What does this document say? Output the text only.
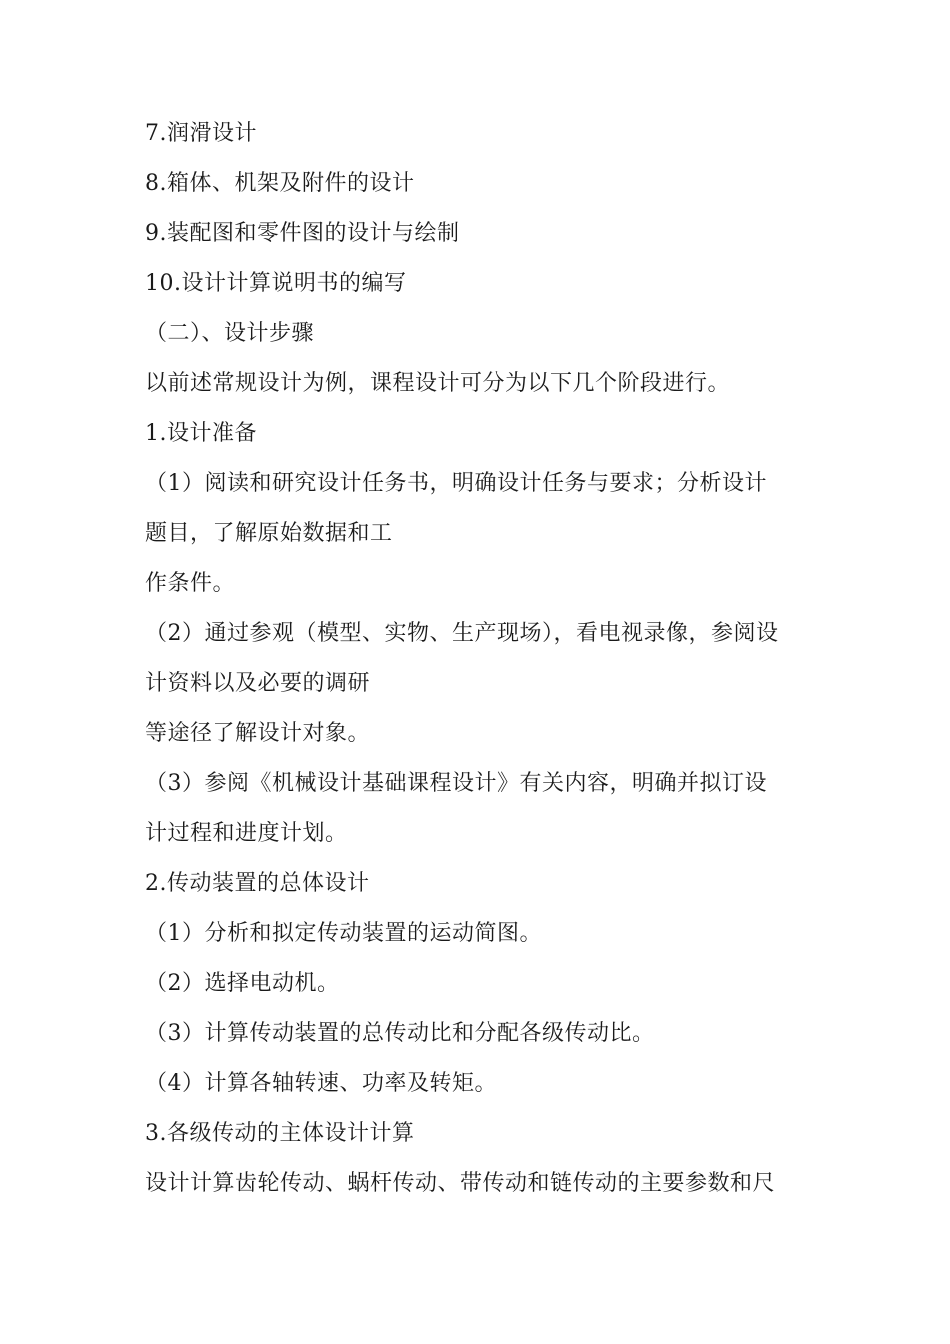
7.润滑设计
8.箱体、机架及附件的设计
9.装配图和零件图的设计与绘制
10.设计计算说明书的编写
（二）、设计步骤
以前述常规设计为例，课程设计可分为以下几个阶段进行。
1.设计准备
（1）阅读和研究设计任务书，明确设计任务与要求；分析设计
题目，了解原始数据和工
作条件。
（2）通过参观（模型、实物、生产现场），看电视录像，参阅设
计资料以及必要的调研
等途径了解设计对象。
（3）参阅《机械设计基础课程设计》有关内容，明确并拟订设
计过程和进度计划。
2.传动装置的总体设计
（1）分析和拟定传动装置的运动简图。
（2）选择电动机。
（3）计算传动装置的总传动比和分配各级传动比。
（4）计算各轴转速、功率及转矩。
3.各级传动的主体设计计算
设计计算齿轮传动、蜗杆传动、带传动和链传动的主要参数和尺
